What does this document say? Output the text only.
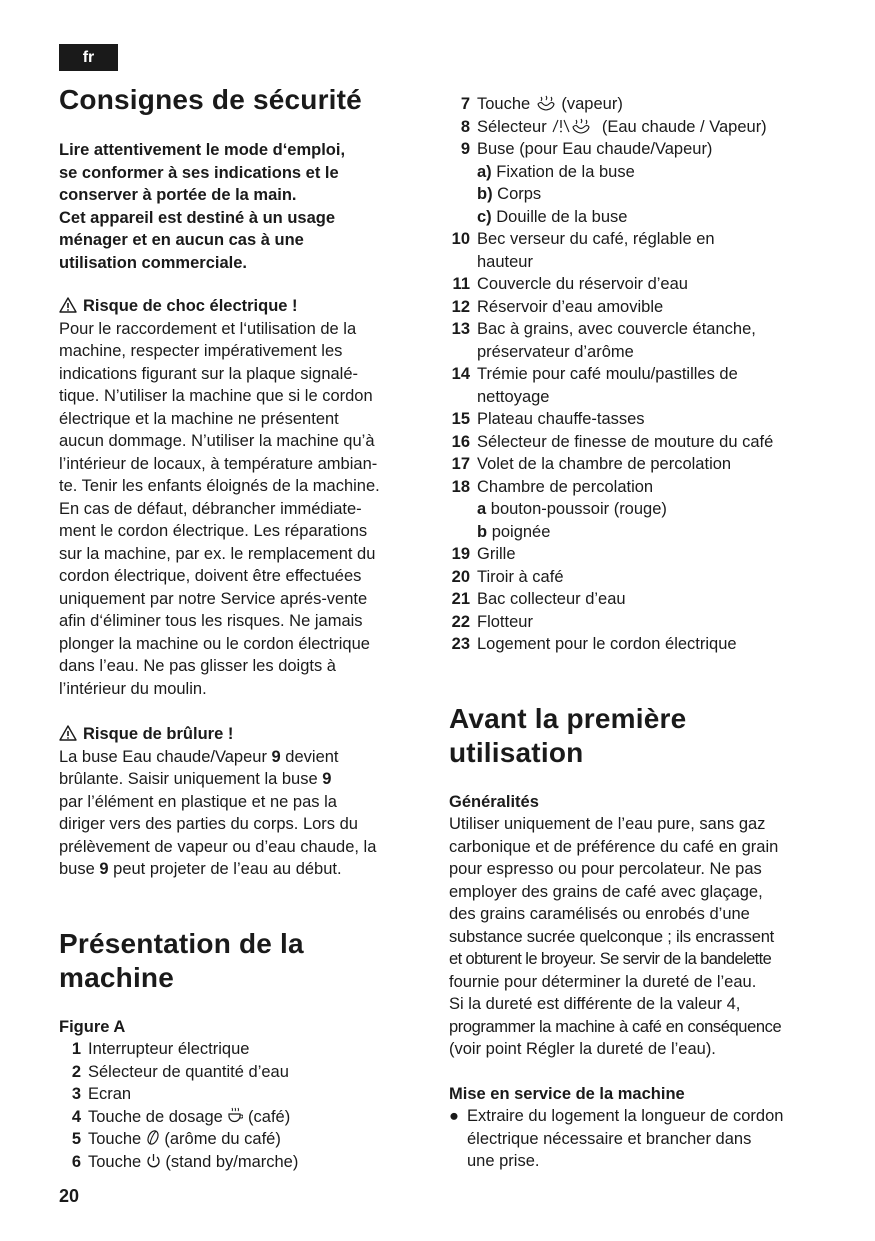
fr
Consignes de sécurité
Lire attentivement le mode d‘emploi,
se conformer à ses indications et le
conserver à portée de la main.
Cet appareil est destiné à un usage
ménager et en aucun cas à une
utilisation commerciale.
Risque de choc électrique !
Pour le raccordement et l‘utilisation de la
machine, respecter impérativement les
indications figurant sur la plaque signalé-
tique. N’utiliser la machine que si le cordon
électrique et la machine ne présentent
aucun dommage. N’utiliser la machine qu’à
l’intérieur de locaux, à température ambian-
te. Tenir les enfants éloignés de la machine.
En cas de défaut, débrancher immédiate-
ment le cordon électrique. Les réparations
sur la machine, par ex. le remplacement du
cordon électrique, doivent être effectuées
uniquement par notre Service aprés-vente
afin d‘éliminer tous les risques. Ne jamais
plonger la machine ou le cordon électrique
dans l’eau. Ne pas glisser les doigts à
l’intérieur du moulin.
Risque de brûlure !
La buse Eau chaude/Vapeur 9 devient
brûlante. Saisir uniquement la buse 9
par l’élément en plastique et ne pas la
diriger vers des parties du corps. Lors du
prélèvement de vapeur ou d’eau chaude, la
buse 9 peut projeter de l’eau au début.
Présentation de la
machine
Figure A
1 Interrupteur électrique
2 Sélecteur de quantité d’eau
3 Ecran
4 Touche de dosage  (café)
5 Touche  (arôme du café)
6 Touche  (stand by/marche)
7 Touche  (vapeur)
8 Sélecteur	(Eau chaude / Vapeur)
9 Buse (pour Eau chaude/Vapeur)
a) Fixation de la buse
b) Corps
c) Douille de la buse
10 Bec verseur du café, réglable en
hauteur
11 Couvercle du réservoir d’eau
12 Réservoir d’eau amovible
13 Bac à grains, avec couvercle étanche,
préservateur d’arôme
14 Trémie pour café moulu/pastilles de
nettoyage
15 Plateau chauffe-tasses
16 Sélecteur de finesse de mouture du café
17 Volet de la chambre de percolation
18 Chambre de percolation
a bouton-poussoir (rouge)
b poignée
19 Grille
20 Tiroir à café
21 Bac collecteur d’eau
22 Flotteur
23 Logement pour le cordon électrique
Avant la première
utilisation
Généralités
Utiliser uniquement de l’eau pure, sans gaz
carbonique et de préférence du café en grain
pour espresso ou pour percolateur. Ne pas
employer des grains de café avec glaçage,
des grains caramélisés ou enrobés d’une
substance sucrée quelconque ; ils encrassent
et obturent le broyeur. Se servir de la bandelette
fournie pour déterminer la dureté de l’eau.
Si la dureté est différente de la valeur 4,
programmer la machine à café en conséquence
(voir point Régler la dureté de l’eau).
Mise en service de la machine
● Extraire du logement la longueur de cordon
électrique nécessaire et brancher dans
une prise.
20
